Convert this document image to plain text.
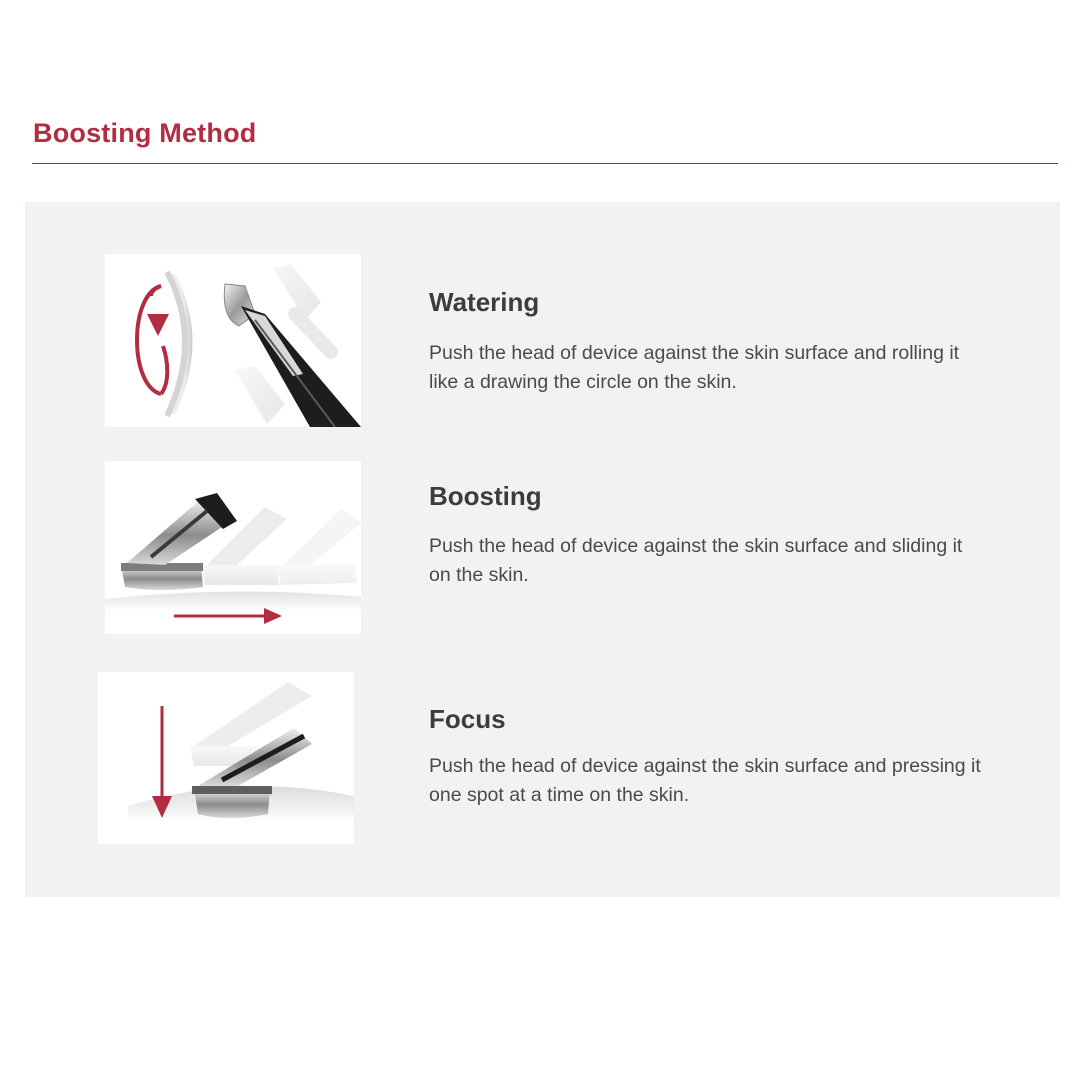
Boosting Method
Watering
Push the head of device against the skin surface and rolling it like a drawing the circle on the skin.
Boosting
Push the head of device against the skin surface and sliding it on the skin.
Focus
Push the head of device against the skin surface and pressing it one spot at a time on the skin.
